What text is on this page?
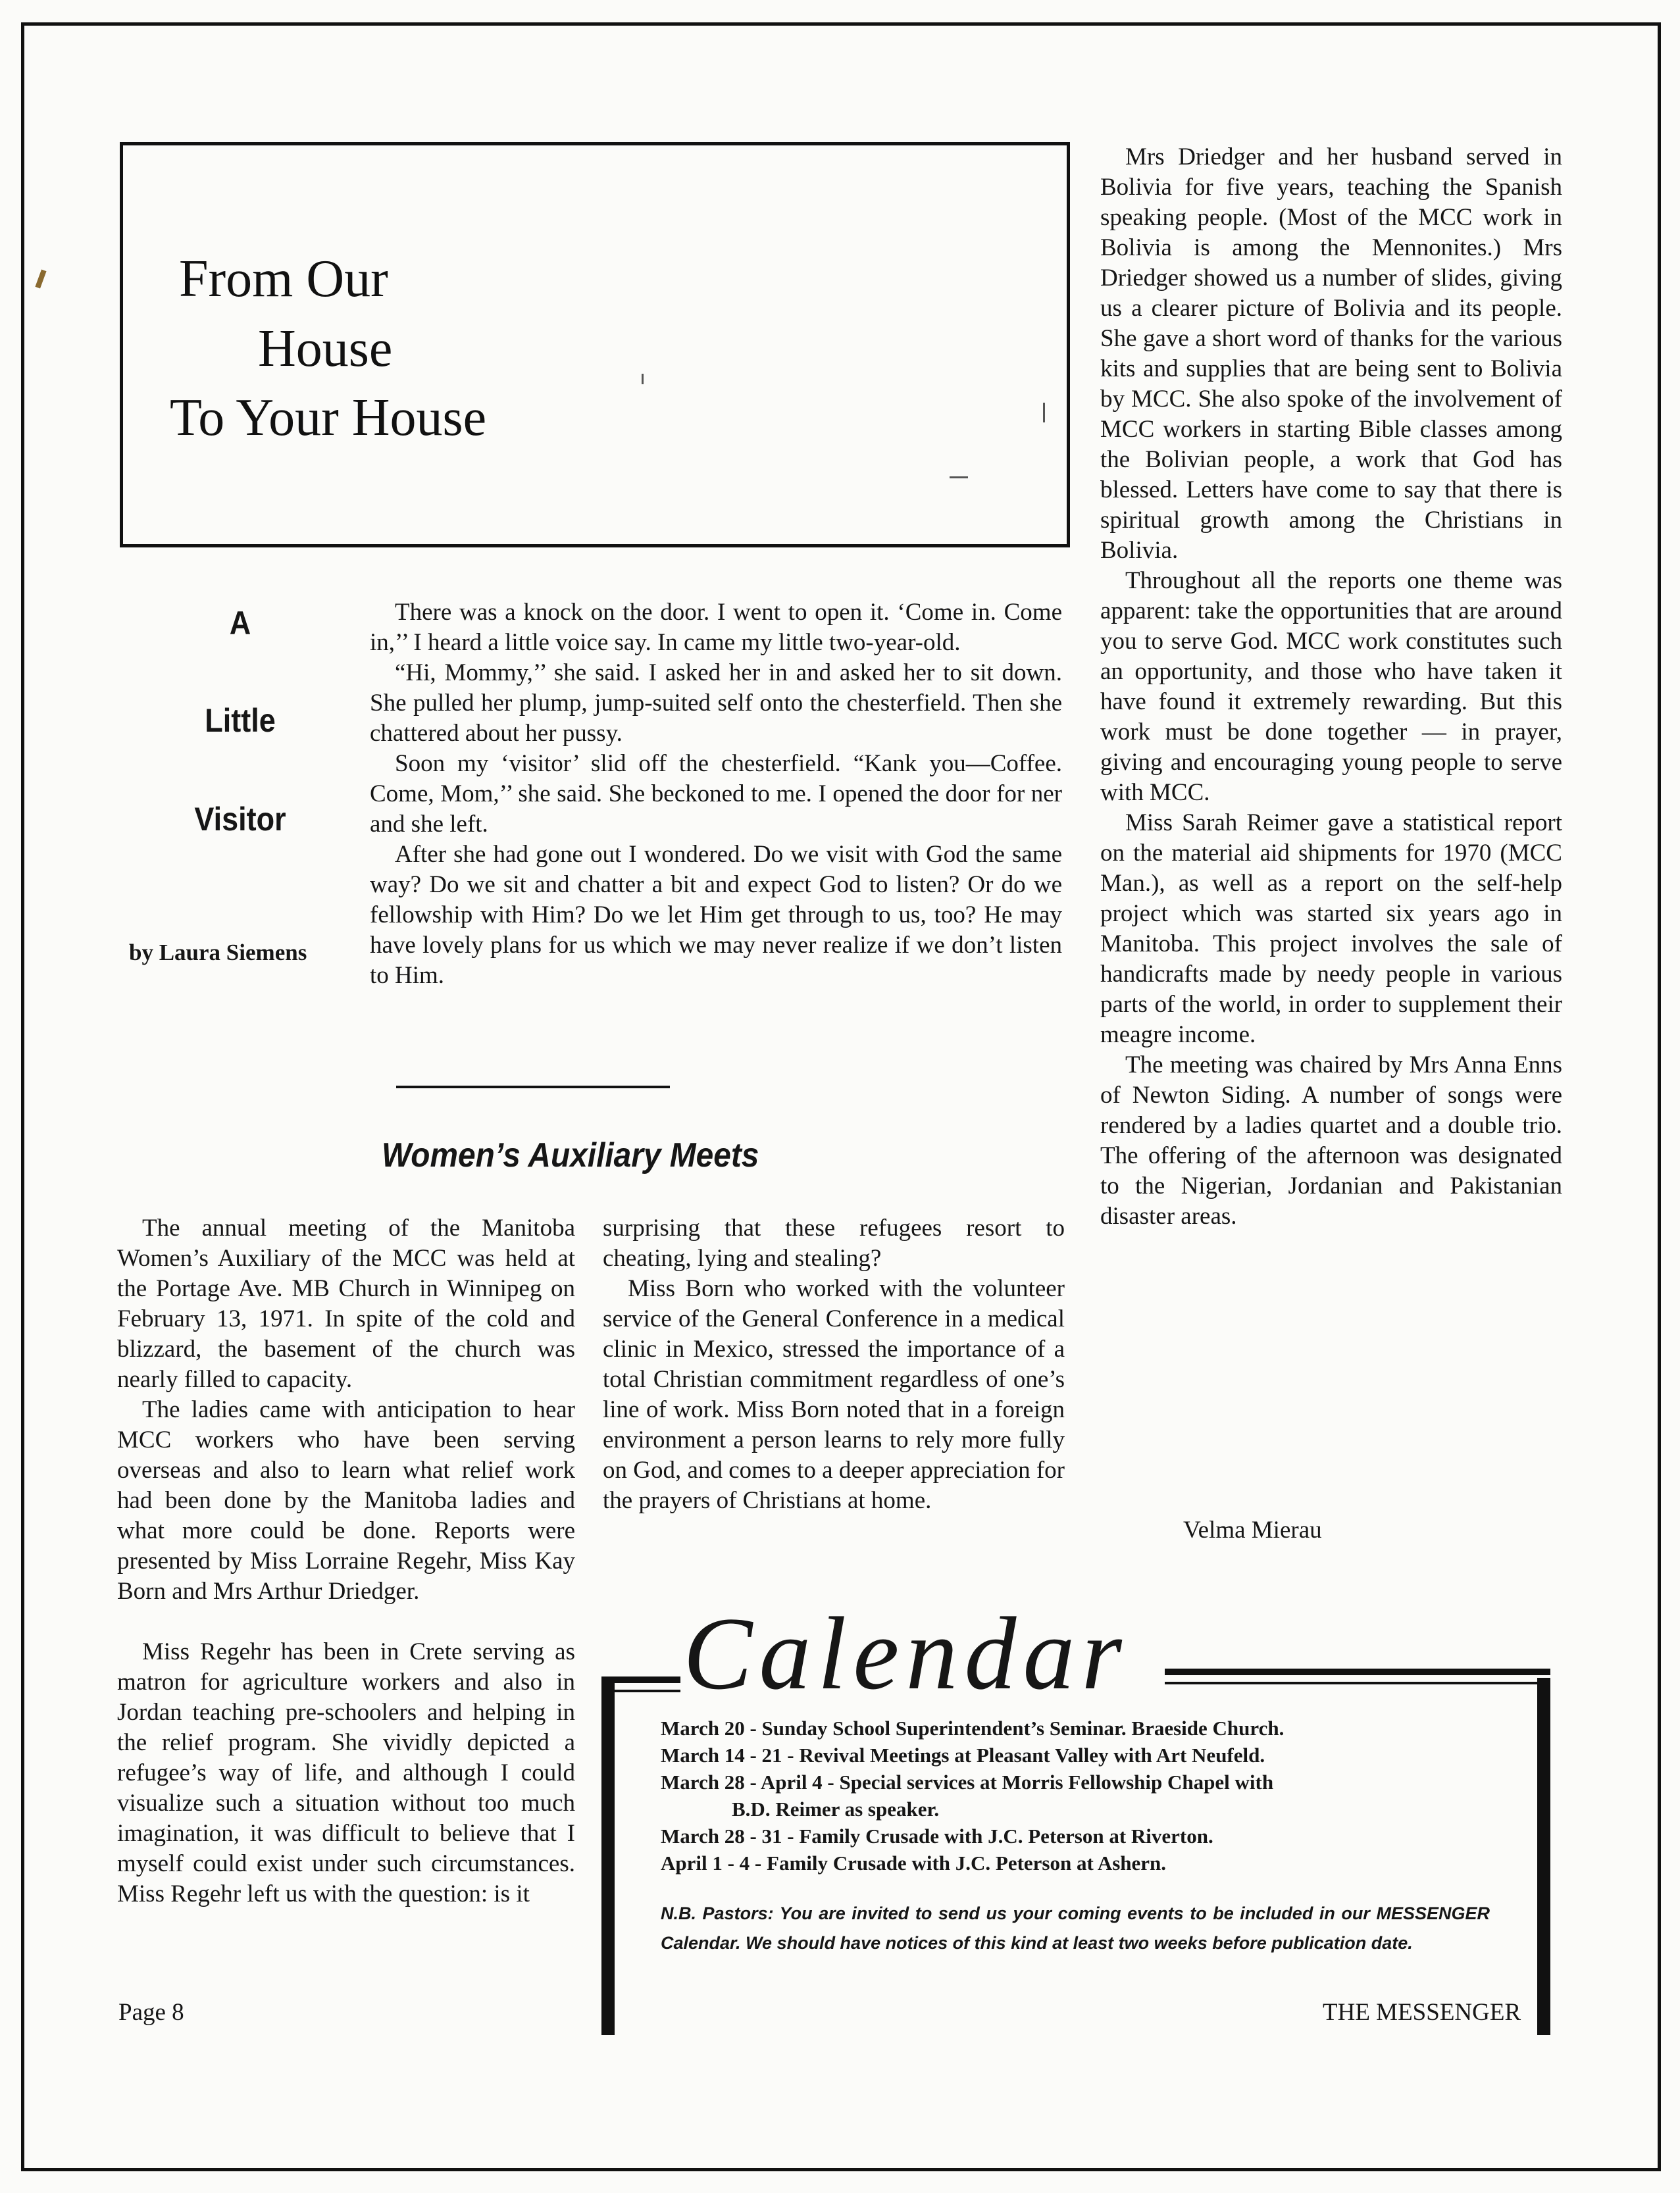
From Our
House
To Your House
A
Little
Visitor
by Laura Siemens

There was a knock on the door. I went to open it. ‘Come in. Come in,’’ I heard a little voice say. In came my little two-year-old.

“Hi, Mommy,’’ she said. I asked her in and asked her to sit down. She pulled her plump, jump-suited self onto the chesterfield. Then she chattered about her pussy.

Soon my ‘visitor’ slid off the chesterfield. “Kank you—Coffee. Come, Mom,’’ she said. She beckoned to me. I opened the door for ner and she left.

After she had gone out I wondered. Do we visit with God the same way? Do we sit and chatter a bit and expect God to listen? Or do we fellowship with Him? Do we let Him get through to us, too? He may have lovely plans for us which we may never realize if we don’t listen to Him.

Women’s Auxiliary Meets

The annual meeting of the Manitoba Women’s Auxiliary of the MCC was held at the Portage Ave. MB Church in Winnipeg on February 13, 1971. In spite of the cold and blizzard, the basement of the church was nearly filled to capacity.

The ladies came with anticipation to hear MCC workers who have been serving overseas and also to learn what relief work had been done by the Manitoba ladies and what more could be done. Reports were presented by Miss Lorraine Regehr, Miss Kay Born and Mrs Arthur Driedger.

Miss Regehr has been in Crete serving as matron for agriculture workers and also in Jordan teaching pre-schoolers and helping in the relief program. She vividly depicted a refugee’s way of life, and although I could visualize such a situation without too much imagination, it was difficult to believe that I myself could exist under such circumstances. Miss Regehr left us with the question: is it

surprising that these refugees resort to cheating, lying and stealing?

Miss Born who worked with the volunteer service of the General Conference in a medical clinic in Mexico, stressed the importance of a total Christian commitment regardless of one’s line of work. Miss Born noted that in a foreign environment a person learns to rely more fully on God, and comes to a deeper appreciation for the prayers of Christians at home.

Mrs Driedger and her husband served in Bolivia for five years, teaching the Spanish speaking people. (Most of the MCC work in Bolivia is among the Mennonites.) Mrs Driedger showed us a number of slides, giving us a clearer picture of Bolivia and its people. She gave a short word of thanks for the various kits and supplies that are being sent to Bolivia by MCC. She also spoke of the involvement of MCC workers in starting Bible classes among the Bolivian people, a work that God has blessed. Letters have come to say that there is spiritual growth among the Christians in Bolivia.

Throughout all the reports one theme was apparent: take the opportunities that are around you to serve God. MCC work constitutes such an opportunity, and those who have taken it have found it extremely rewarding. But this work must be done together — in prayer, giving and encouraging young people to serve with MCC.

Miss Sarah Reimer gave a statistical report on the material aid shipments for 1970 (MCC Man.), as well as a report on the self-help project which was started six years ago in Manitoba. This project involves the sale of handicrafts made by needy people in various parts of the world, in order to supplement their meagre income.

The meeting was chaired by Mrs Anna Enns of Newton Siding. A number of songs were rendered by a ladies quartet and a double trio. The offering of the afternoon was designated to the Nigerian, Jordanian and Pakistanian disaster areas.

Velma Mierau
Calendar
March 20 - Sunday School Superintendent’s Seminar. Braeside Church.
March 14 - 21 - Revival Meetings at Pleasant Valley with Art Neufeld.
March 28 - April 4 - Special services at Morris Fellowship Chapel with
B.D. Reimer as speaker.
March 28 - 31 - Family Crusade with J.C. Peterson at Riverton.
April 1 - 4 - Family Crusade with J.C. Peterson at Ashern.
N.B. Pastors: You are invited to send us your coming events to be included in our MESSENGER Calendar. We should have notices of this kind at least two weeks before publication date.
Page 8	THE MESSENGER
